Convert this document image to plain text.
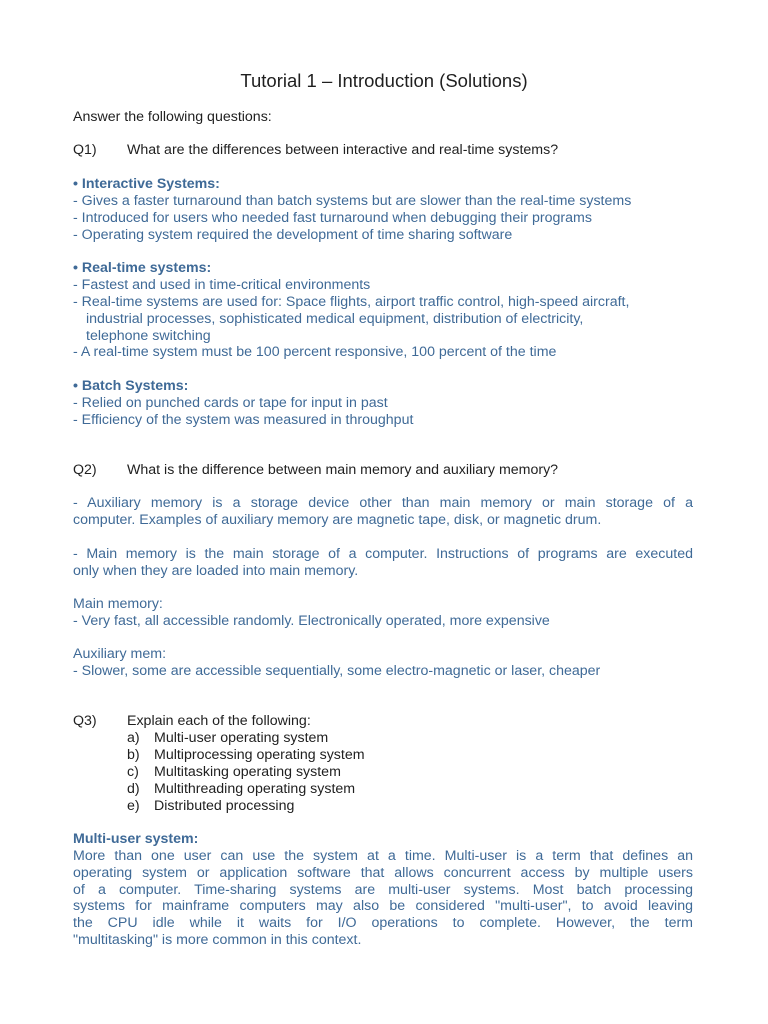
Tutorial 1 – Introduction (Solutions)
Answer the following questions:
Q1) What are the differences between interactive and real-time systems?
• Interactive Systems:
- Gives a faster turnaround than batch systems but are slower than the real-time systems
- Introduced for users who needed fast turnaround when debugging their programs
- Operating system required the development of time sharing software
• Real-time systems:
- Fastest and used in time-critical environments
- Real-time systems are used for: Space flights, airport traffic control, high-speed aircraft,
industrial processes, sophisticated medical equipment, distribution of electricity,
telephone switching
- A real-time system must be 100 percent responsive, 100 percent of the time
• Batch Systems:
- Relied on punched cards or tape for input in past
- Efficiency of the system was measured in throughput
Q2) What is the difference between main memory and auxiliary memory?
- Auxiliary memory is a storage device other than main memory or main storage of a
computer. Examples of auxiliary memory are magnetic tape, disk, or magnetic drum.
- Main memory is the main storage of a computer. Instructions of programs are executed
only when they are loaded into main memory.
Main memory:
- Very fast, all accessible randomly. Electronically operated, more expensive
Auxiliary mem:
- Slower, some are accessible sequentially, some electro-magnetic or laser, cheaper
Q3) Explain each of the following:
a) Multi-user operating system
b) Multiprocessing operating system
c) Multitasking operating system
d) Multithreading operating system
e) Distributed processing
Multi-user system:
More than one user can use the system at a time. Multi-user is a term that defines an
operating system or application software that allows concurrent access by multiple users
of a computer. Time-sharing systems are multi-user systems. Most batch processing
systems for mainframe computers may also be considered "multi-user", to avoid leaving
the CPU idle while it waits for I/O operations to complete. However, the term
"multitasking" is more common in this context.
